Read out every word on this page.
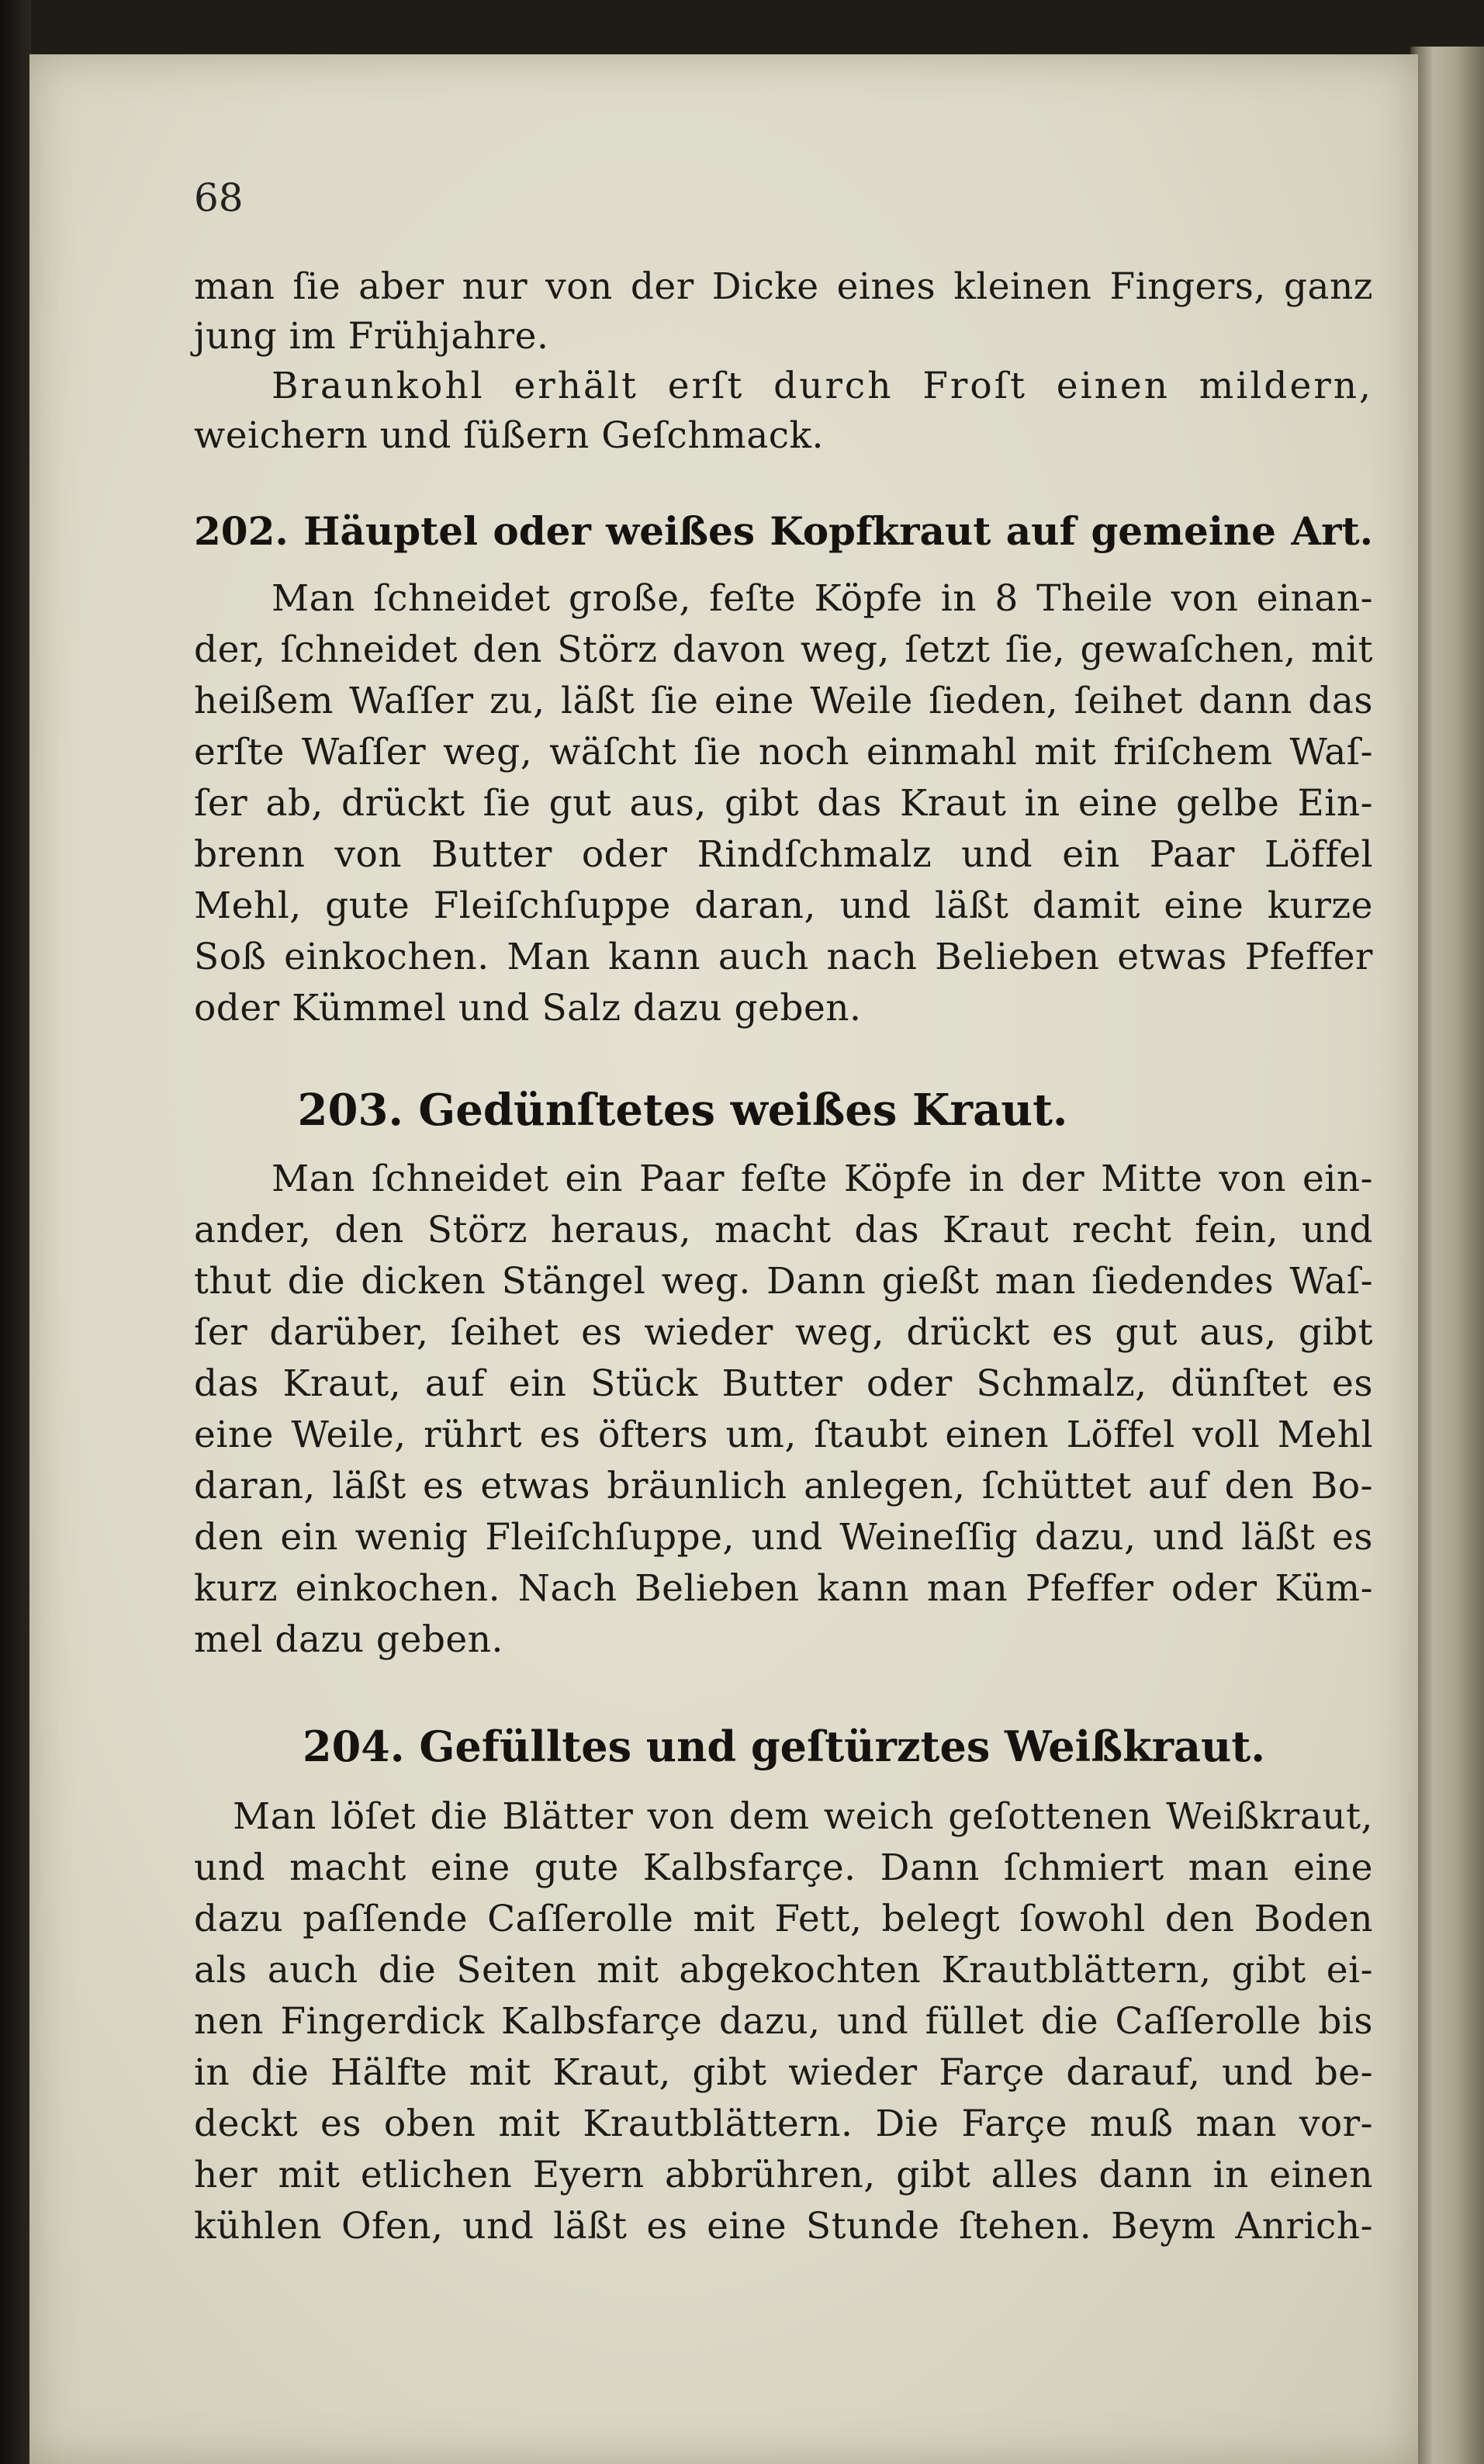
68
man ſie aber nur von der Dicke eines kleinen Fingers, ganz
jung im Frühjahre.
Braunkohl erhält erſt durch Froſt einen mildern,
weichern und ſüßern Geſchmack.
202. Häuptel oder weißes Kopfkraut auf gemeine Art.
Man ſchneidet große, feſte Köpfe in 8 Theile von einan-
der, ſchneidet den Störz davon weg, ſetzt ſie, gewaſchen, mit
heißem Waſſer zu, läßt ſie eine Weile ſieden, ſeihet dann das
erſte Waſſer weg, wäſcht ſie noch einmahl mit friſchem Waſ-
ſer ab, drückt ſie gut aus, gibt das Kraut in eine gelbe Ein-
brenn von Butter oder Rindſchmalz und ein Paar Löffel
Mehl, gute Fleiſchſuppe daran, und läßt damit eine kurze
Soß einkochen. Man kann auch nach Belieben etwas Pfeffer
oder Kümmel und Salz dazu geben.
203. Gedünſtetes weißes Kraut.
Man ſchneidet ein Paar feſte Köpfe in der Mitte von ein-
ander, den Störz heraus, macht das Kraut recht fein, und
thut die dicken Stängel weg. Dann gießt man ſiedendes Waſ-
ſer darüber, ſeihet es wieder weg, drückt es gut aus, gibt
das Kraut, auf ein Stück Butter oder Schmalz, dünſtet es
eine Weile, rührt es öfters um, ſtaubt einen Löffel voll Mehl
daran, läßt es etwas bräunlich anlegen, ſchüttet auf den Bo-
den ein wenig Fleiſchſuppe, und Weineſſig dazu, und läßt es
kurz einkochen. Nach Belieben kann man Pfeffer oder Küm-
mel dazu geben.
204. Gefülltes und geſtürztes Weißkraut.
Man löſet die Blätter von dem weich geſottenen Weißkraut,
und macht eine gute Kalbsfarçe. Dann ſchmiert man eine
dazu paſſende Caſſerolle mit Fett, belegt ſowohl den Boden
als auch die Seiten mit abgekochten Krautblättern, gibt ei-
nen Fingerdick Kalbsfarçe dazu, und füllet die Caſſerolle bis
in die Hälfte mit Kraut, gibt wieder Farçe darauf, und be-
deckt es oben mit Krautblättern. Die Farçe muß man vor-
her mit etlichen Eyern abbrühren, gibt alles dann in einen
kühlen Ofen, und läßt es eine Stunde ſtehen. Beym Anrich-
